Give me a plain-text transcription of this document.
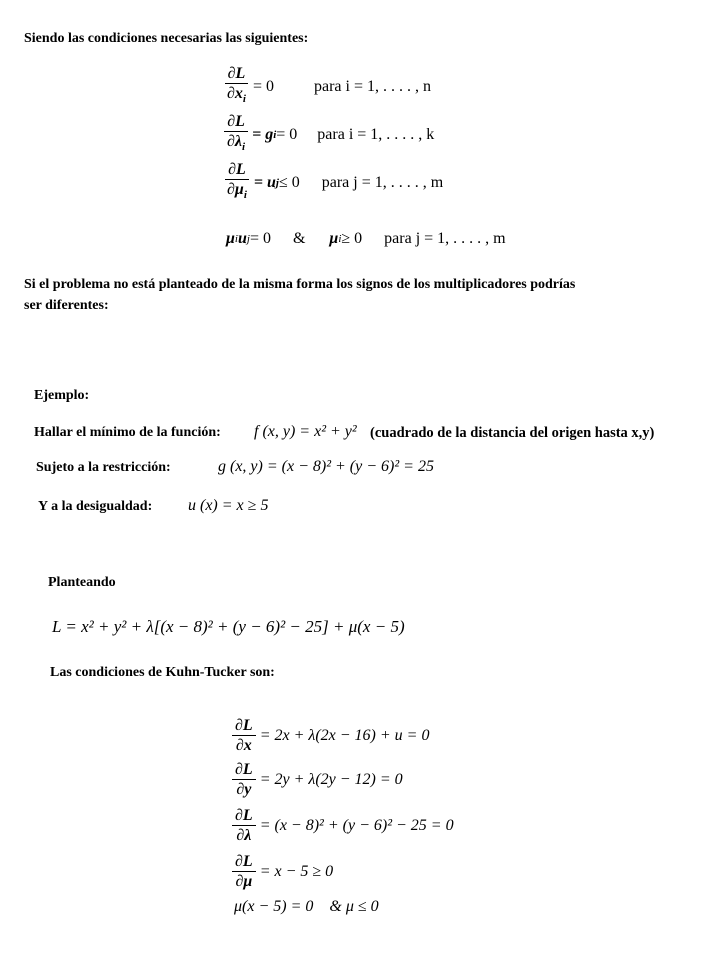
Siendo las condiciones necesarias las siguientes:
$\frac{\partial L}{\partial x_i} = 0$	para i = 1, . . . . , n
$\frac{\partial L}{\partial\lambda_i} = g$ i = 0 para i = 1, . . . . , k
$\frac{\partial L}{\partial\mu_i} = u$ j ≤ 0 para j = 1, . . . . , m
μ i u j = 0 & μ i ≥ 0 para j = 1, . . . . , m
Si el problema no está planteado de la misma forma los signos de los multiplicadores podrías
ser diferentes:
Ejemplo:
Hallar el mínimo de la función: f (x, y) = x² + y² (cuadrado de la distancia del origen hasta x,y)
Sujeto a la restricción:	g (x, y) = (x − 8)² + (y − 6)² = 25
Y a la desigualdad: u (x) = x ≥ 5
Planteando
L = x² + y² + λ[(x − 8)² + (y − 6)² − 25] + μ(x − 5)
Las condiciones de Kuhn-Tucker son:
$\frac{\partial L}{\partial x} = 2x + \lambda(2x - 16) + u = 0$
$\frac{\partial L}{\partial y} = 2y + \lambda(2y - 12) = 0$
$\frac{\partial L}{\partial\lambda} = (x - 8)^2 + (y - 6)^2 - 25 = 0$
$\frac{\partial L}{\partial\mu} = x - 5 \ge 0$
μ(x − 5) = 0    & μ ≤ 0
